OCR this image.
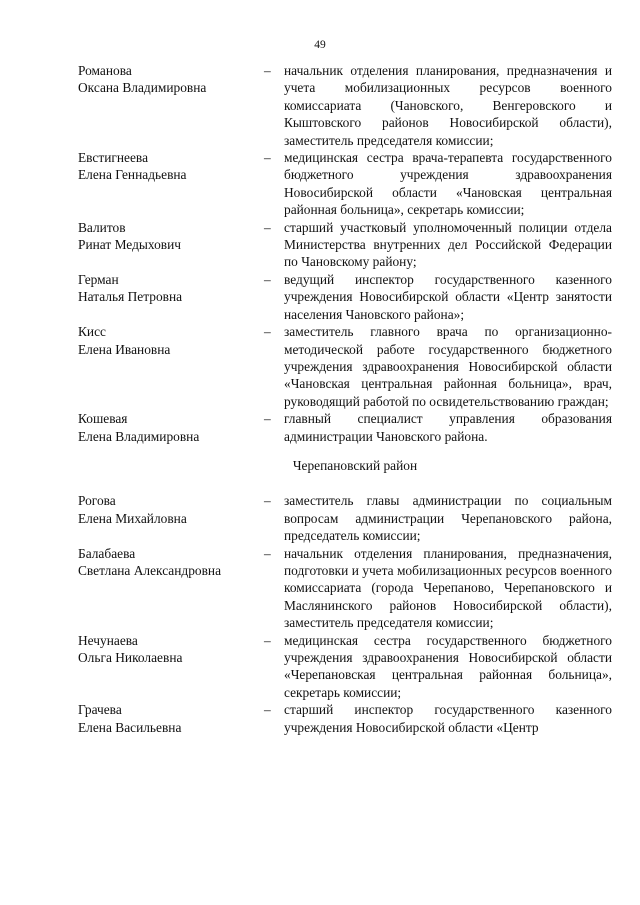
49
Романова
Оксана Владимировна
– начальник отделения планирования, предназначения и учета мобилизационных ресурсов военного комиссариата (Чановского, Венгеровского и Кыштовского районов Новосибирской области), заместитель председателя комиссии;
Евстигнеева
Елена Геннадьевна
– медицинская сестра врача-терапевта государственного бюджетного учреждения здравоохранения Новосибирской области «Чановская центральная районная больница», секретарь комиссии;
Валитов
Ринат Медыхович
– старший участковый уполномоченный полиции отдела Министерства внутренних дел Российской Федерации по Чановскому району;
Герман
Наталья Петровна
– ведущий инспектор государственного казенного учреждения Новосибирской области «Центр занятости населения Чановского района»;
Кисс
Елена Ивановна
– заместитель главного врача по организационно-методической работе государственного бюджетного учреждения здравоохранения Новосибирской области «Чановская центральная районная больница», врач, руководящий работой по освидетельствованию граждан;
Кошевая
Елена Владимировна
– главный специалист управления образования администрации Чановского района.
Черепановский район
Рогова
Елена Михайловна
– заместитель главы администрации по социальным вопросам администрации Черепановского района, председатель комиссии;
Балабаева
Светлана Александровна
– начальник отделения планирования, предназначения, подготовки и учета мобилизационных ресурсов военного комиссариата (города Черепаново, Черепановского и Маслянинского районов Новосибирской области), заместитель председателя комиссии;
Нечунаева
Ольга Николаевна
– медицинская сестра государственного бюджетного учреждения здравоохранения Новосибирской области «Черепановская центральная районная больница», секретарь комиссии;
Грачева
Елена Васильевна
– старший инспектор государственного казенного учреждения Новосибирской области «Центр
